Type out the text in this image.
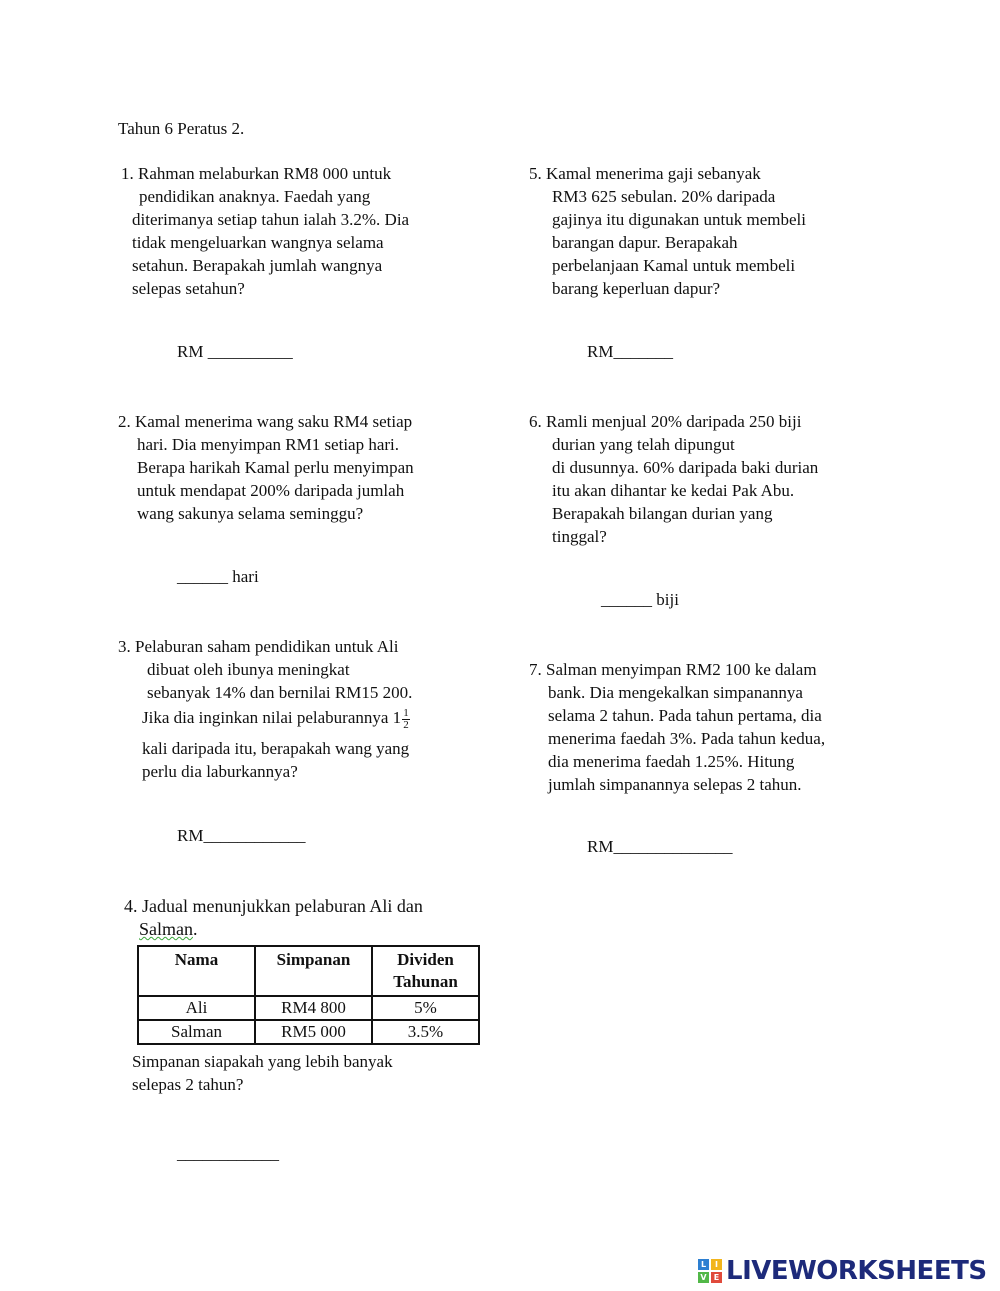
Tahun 6 Peratus 2.
1. Rahman melaburkan RM8 000 untuk
pendidikan anaknya. Faedah yang
diterimanya setiap tahun ialah 3.2%. Dia
tidak mengeluarkan wangnya selama
setahun. Berapakah jumlah wangnya
selepas setahun?
RM __________
2. Kamal menerima wang saku RM4 setiap
hari. Dia menyimpan RM1 setiap hari.
Berapa harikah Kamal perlu menyimpan
untuk mendapat 200% daripada jumlah
wang sakunya selama seminggu?
______ hari
3. Pelaburan saham pendidikan untuk Ali
dibuat oleh ibunya meningkat
sebanyak 14% dan bernilai RM15 200.
Jika dia inginkan nilai pelaburannya $1 \frac{1}{2}$
kali daripada itu, berapakah wang yang
perlu dia laburkannya?
RM____________
4. Jadual menunjukkan pelaburan Ali dan
Salman.
Nama	Simpanan	Dividen
Tahunan
Ali	RM4 800	5%
Salman	RM5 000	3.5%
Simpanan siapakah yang lebih banyak
selepas 2 tahun?
____________
5. Kamal menerima gaji sebanyak
RM3 625 sebulan. 20% daripada
gajinya itu digunakan untuk membeli
barangan dapur. Berapakah
perbelanjaan Kamal untuk membeli
barang keperluan dapur?
RM_______
6. Ramli menjual 20% daripada 250 biji
durian yang telah dipungut
di dusunnya. 60% daripada baki durian
itu akan dihantar ke kedai Pak Abu.
Berapakah bilangan durian yang
tinggal?
______ biji
7. Salman menyimpan RM2 100 ke dalam
bank. Dia mengekalkan simpanannya
selama 2 tahun. Pada tahun pertama, dia
menerima faedah 3%. Pada tahun kedua,
dia menerima faedah 1.25%. Hitung
jumlah simpanannya selepas 2 tahun.
RM______________
L	I
V E LIVEWORKSHEETS
